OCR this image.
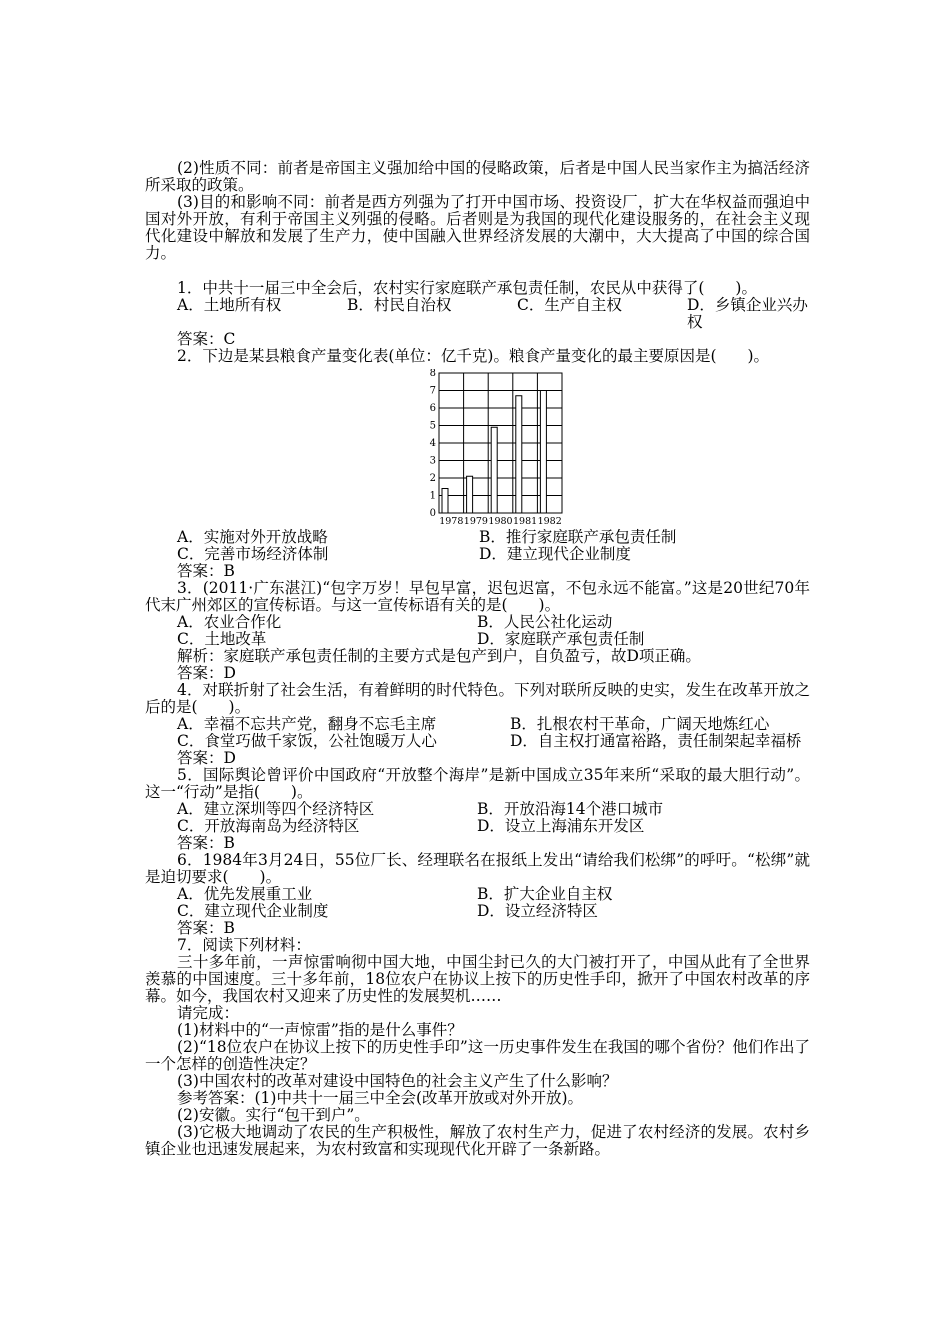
(2)性质不同：前者是帝国主义强加给中国的侵略政策，后者是中国人民当家作主为搞活经济所采取的政策。

(3)目的和影响不同：前者是西方列强为了打开中国市场、投资设厂，扩大在华权益而强迫中国对外开放，有利于帝国主义列强的侵略。后者则是为我国的现代化建设服务的，在社会主义现代化建设中解放和发展了生产力，使中国融入世界经济发展的大潮中，大大提高了中国的综合国力。

1．中共十一届三中全会后，农村实行家庭联产承包责任制，农民从中获得了(　　)。

A．土地所有权	B．村民自治权	C．生产自主权	D．乡镇企业兴办权

答案：C

2．下边是某县粮食产量变化表(单位：亿千克)。粮食产量变化的最主要原因是(　　)。

0
1
2
3
4
5
6
7
8
1978 1979 1980 1981 1982
A．实施对外开放战略	B．推行家庭联产承包责任制
C．完善市场经济体制	D．建立现代企业制度

答案：B

3．(2011·广东湛江)“包字万岁！早包早富，迟包迟富，不包永远不能富。”这是20世纪70年代末广州郊区的宣传标语。与这一宣传标语有关的是(　　)。

A．农业合作化	B．人民公社化运动
C．土地改革	D．家庭联产承包责任制

解析：家庭联产承包责任制的主要方式是包产到户，自负盈亏，故D项正确。

答案：D

4．对联折射了社会生活，有着鲜明的时代特色。下列对联所反映的史实，发生在改革开放之后的是(　　)。

A．幸福不忘共产党，翻身不忘毛主席	B．扎根农村干革命，广阔天地炼红心
C．食堂巧做千家饭，公社饱暖万人心	D．自主权打通富裕路，责任制架起幸福桥

答案：D

5．国际舆论曾评价中国政府“开放整个海岸”是新中国成立35年来所“采取的最大胆行动”。这一“行动”是指(　　)。

A．建立深圳等四个经济特区	B．开放沿海14个港口城市
C．开放海南岛为经济特区	D．设立上海浦东开发区

答案：B

6．1984年3月24日，55位厂长、经理联名在报纸上发出“请给我们松绑”的呼吁。“松绑”就是迫切要求(　　)。

A．优先发展重工业	B．扩大企业自主权
C．建立现代企业制度	D．设立经济特区

答案：B

7．阅读下列材料：

三十多年前，一声惊雷响彻中国大地，中国尘封已久的大门被打开了，中国从此有了全世界羡慕的中国速度。三十多年前，18位农户在协议上按下的历史性手印，掀开了中国农村改革的序幕。如今，我国农村又迎来了历史性的发展契机……

请完成：

(1)材料中的“一声惊雷”指的是什么事件？

(2)“18位农户在协议上按下的历史性手印”这一历史事件发生在我国的哪个省份？他们作出了一个怎样的创造性决定？

(3)中国农村的改革对建设中国特色的社会主义产生了什么影响？

参考答案：(1)中共十一届三中全会(改革开放或对外开放)。

(2)安徽。实行“包干到户”。

(3)它极大地调动了农民的生产积极性，解放了农村生产力，促进了农村经济的发展。农村乡镇企业也迅速发展起来，为农村致富和实现现代化开辟了一条新路。
